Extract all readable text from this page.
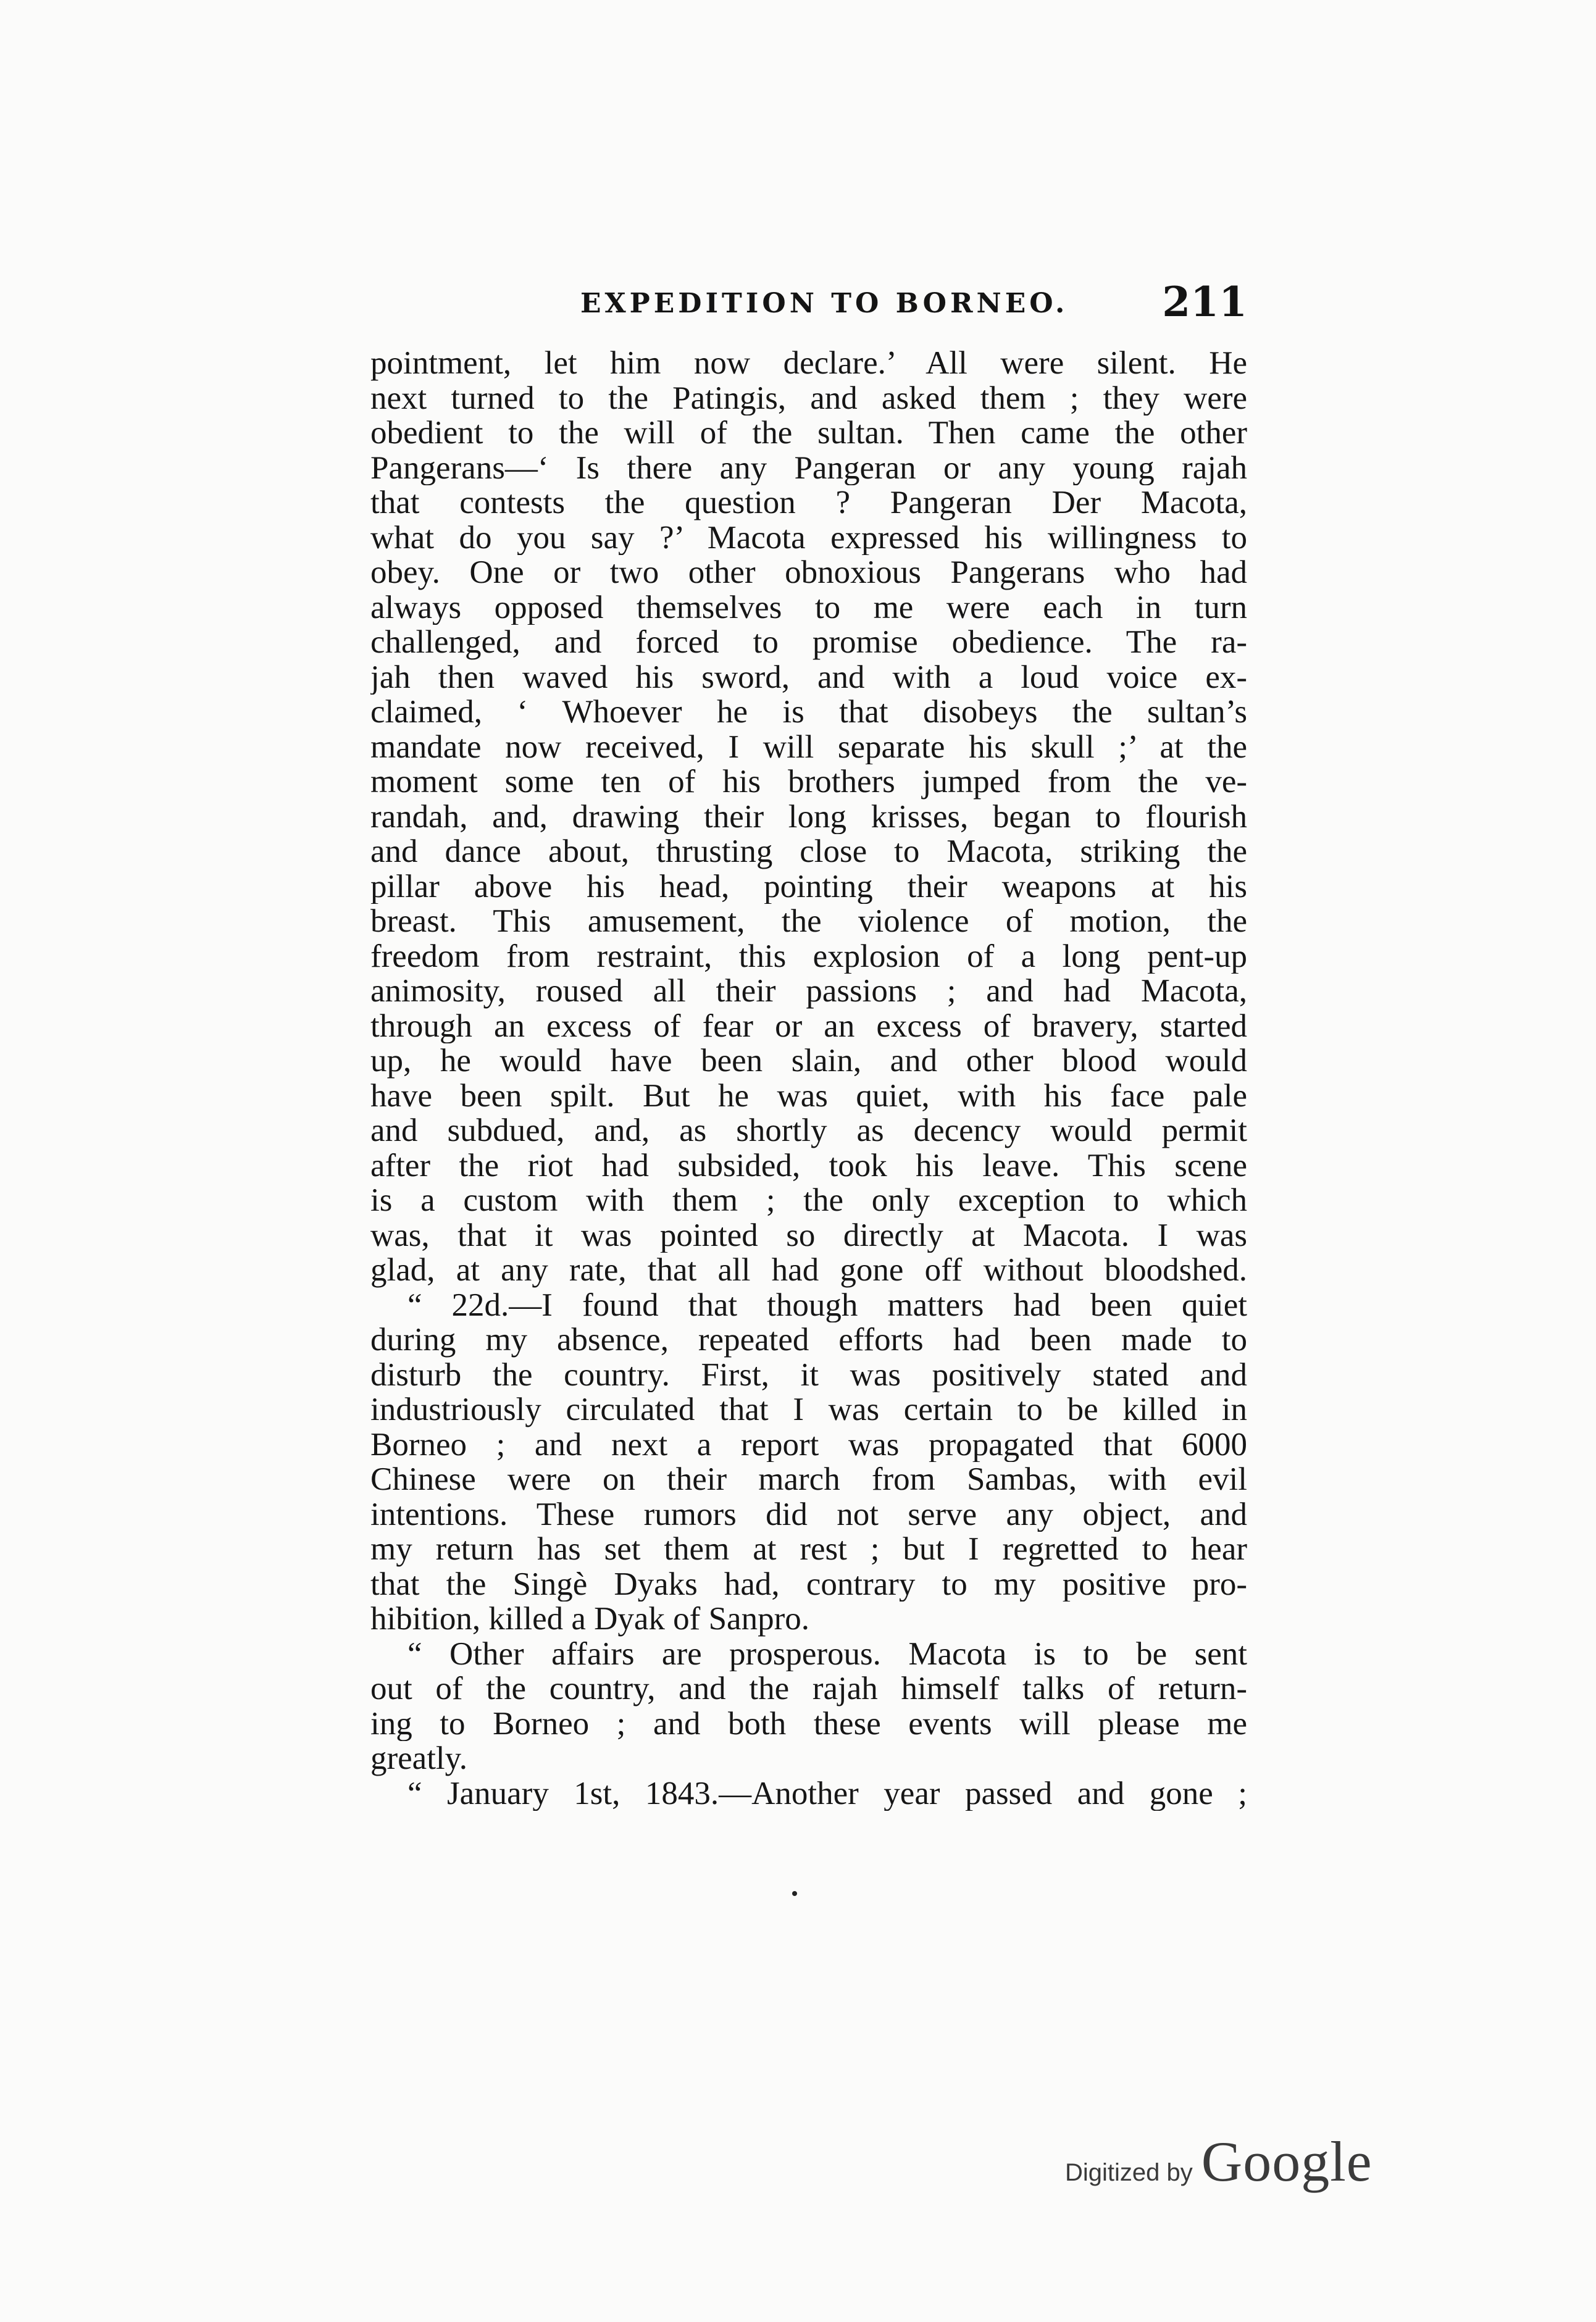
EXPEDITION TO BORNEO. 211
pointment, let him now declare.’ All were silent. He
next turned to the Patingis, and asked them ; they were
obedient to the will of the sultan. Then came the other
Pangerans—‘ Is there any Pangeran or any young rajah
that contests the question ? Pangeran Der Macota,
what do you say ?’ Macota expressed his willingness to
obey. One or two other obnoxious Pangerans who had
always opposed themselves to me were each in turn
challenged, and forced to promise obedience. The ra-
jah then waved his sword, and with a loud voice ex-
claimed, ‘ Whoever he is that disobeys the sultan’s
mandate now received, I will separate his skull ;’ at the
moment some ten of his brothers jumped from the ve-
randah, and, drawing their long krisses, began to flourish
and dance about, thrusting close to Macota, striking the
pillar above his head, pointing their weapons at his
breast. This amusement, the violence of motion, the
freedom from restraint, this explosion of a long pent-up
animosity, roused all their passions ; and had Macota,
through an excess of fear or an excess of bravery, started
up, he would have been slain, and other blood would
have been spilt. But he was quiet, with his face pale
and subdued, and, as shortly as decency would permit
after the riot had subsided, took his leave. This scene
is a custom with them ; the only exception to which
was, that it was pointed so directly at Macota. I was
glad, at any rate, that all had gone off without bloodshed.
“ 22d.—I found that though matters had been quiet
during my absence, repeated efforts had been made to
disturb the country. First, it was positively stated and
industriously circulated that I was certain to be killed in
Borneo ; and next a report was propagated that 6000
Chinese were on their march from Sambas, with evil
intentions. These rumors did not serve any object, and
my return has set them at rest ; but I regretted to hear
that the Singè Dyaks had, contrary to my positive pro-
hibition, killed a Dyak of Sanpro.
“ Other affairs are prosperous. Macota is to be sent
out of the country, and the rajah himself talks of return-
ing to Borneo ; and both these events will please me
greatly.
“ January 1st, 1843.—Another year passed and gone ;
Digitized by Google
